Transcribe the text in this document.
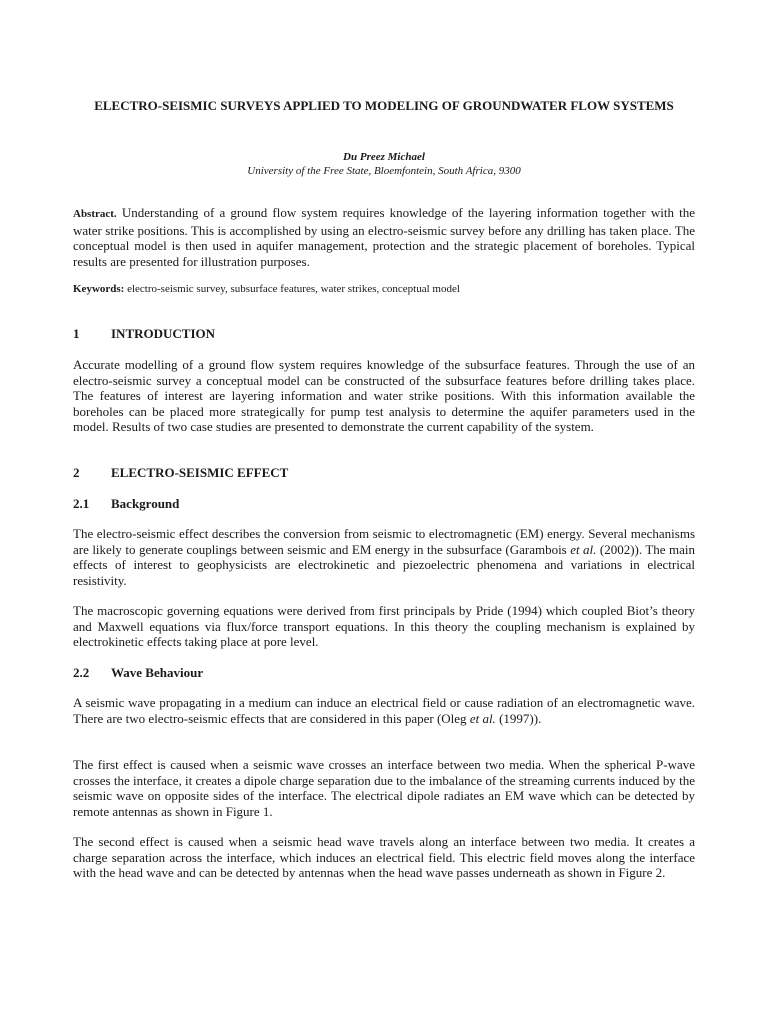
ELECTRO-SEISMIC SURVEYS APPLIED TO MODELING OF GROUNDWATER FLOW SYSTEMS
Du Preez Michael
University of the Free State, Bloemfontein, South Africa, 9300
Abstract. Understanding of a ground flow system requires knowledge of the layering information together with the water strike positions. This is accomplished by using an electro-seismic survey before any drilling has taken place. The conceptual model is then used in aquifer management, protection and the strategic placement of boreholes. Typical results are presented for illustration purposes.
Keywords: electro-seismic survey, subsurface features, water strikes, conceptual model
1 INTRODUCTION
Accurate modelling of a ground flow system requires knowledge of the subsurface features. Through the use of an electro-seismic survey a conceptual model can be constructed of the subsurface features before drilling takes place. The features of interest are layering information and water strike positions. With this information available the boreholes can be placed more strategically for pump test analysis to determine the aquifer parameters used in the model. Results of two case studies are presented to demonstrate the current capability of the system.
2 ELECTRO-SEISMIC EFFECT
2.1 Background
The electro-seismic effect describes the conversion from seismic to electromagnetic (EM) energy. Several mechanisms are likely to generate couplings between seismic and EM energy in the subsurface (Garambois et al. (2002)). The main effects of interest to geophysicists are electrokinetic and piezoelectric phenomena and variations in electrical resistivity.
The macroscopic governing equations were derived from first principals by Pride (1994) which coupled Biot’s theory and Maxwell equations via flux/force transport equations. In this theory the coupling mechanism is explained by electrokinetic effects taking place at pore level.
2.2 Wave Behaviour
A seismic wave propagating in a medium can induce an electrical field or cause radiation of an electromagnetic wave. There are two electro-seismic effects that are considered in this paper (Oleg et al. (1997)).
The first effect is caused when a seismic wave crosses an interface between two media. When the spherical P-wave crosses the interface, it creates a dipole charge separation due to the imbalance of the streaming currents induced by the seismic wave on opposite sides of the interface. The electrical dipole radiates an EM wave which can be detected by remote antennas as shown in Figure 1.
The second effect is caused when a seismic head wave travels along an interface between two media. It creates a charge separation across the interface, which induces an electrical field. This electric field moves along the interface with the head wave and can be detected by antennas when the head wave passes underneath as shown in Figure 2.
